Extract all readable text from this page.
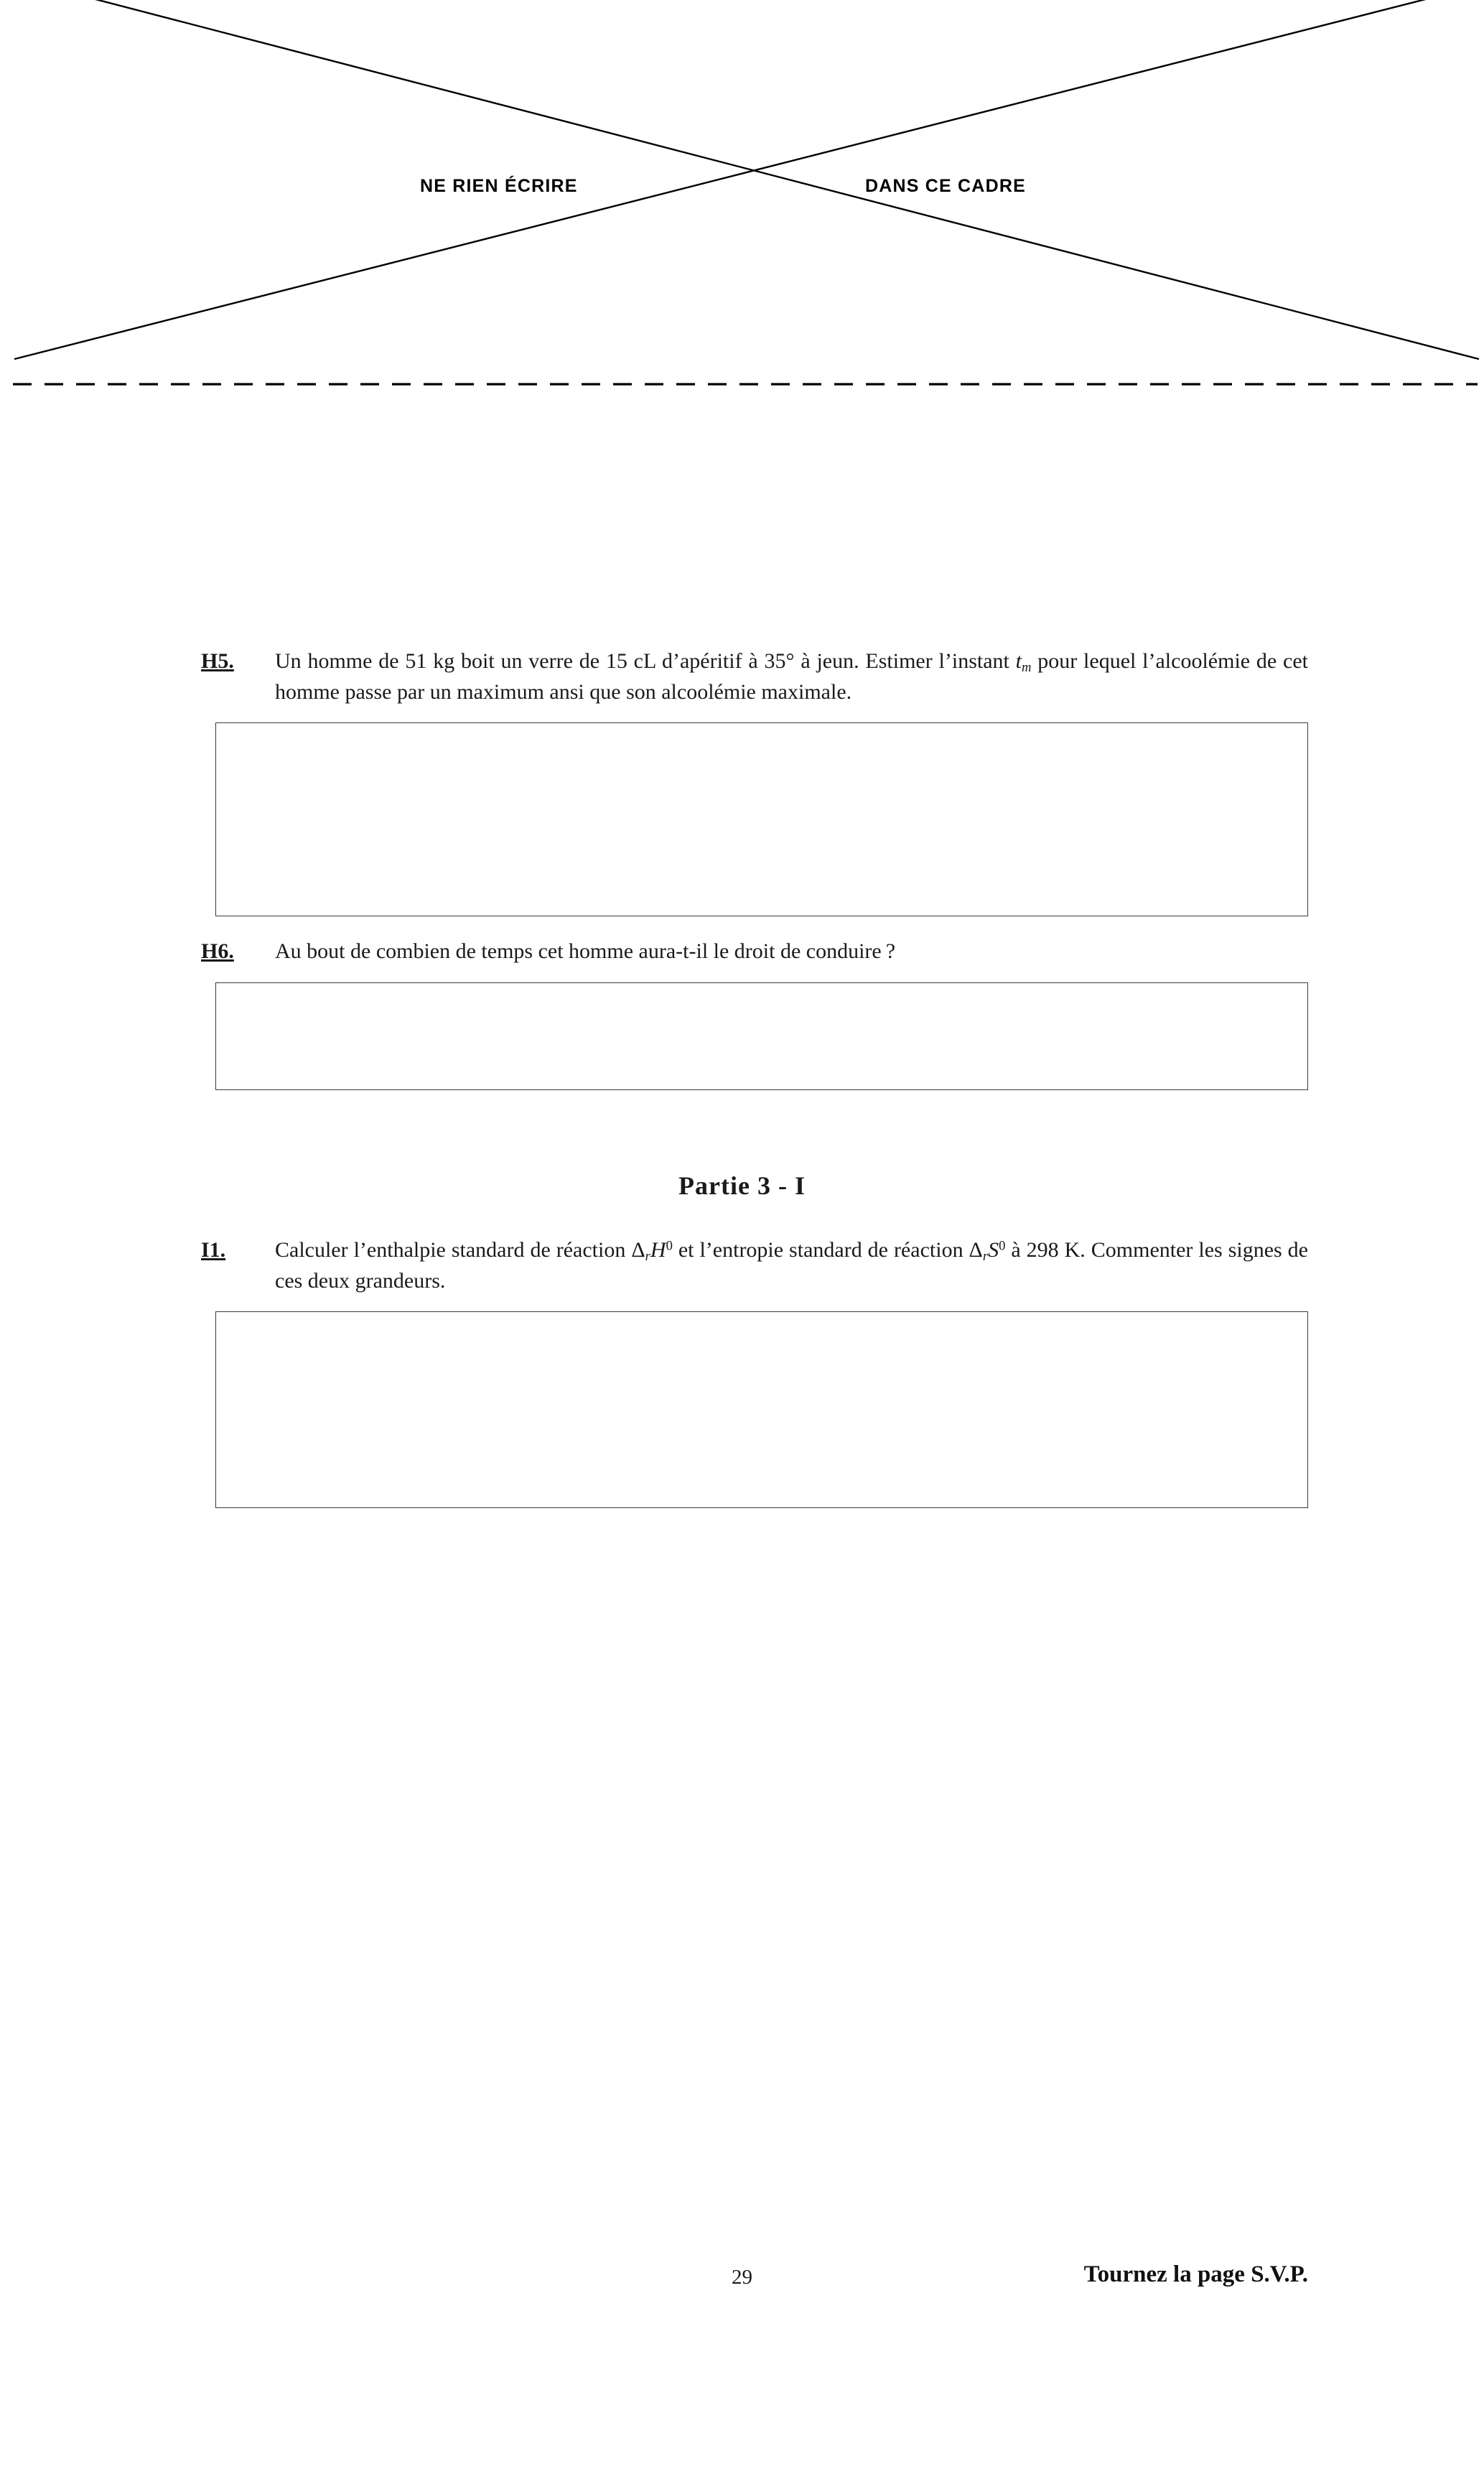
NE RIEN ÉCRIRE	DANS CE CADRE
H5.	Un homme de 51 kg boit un verre de 15 cL d’apéritif à 35° à jeun. Estimer l’instant $t_m$ pour lequel l’alcoolémie de cet homme passe par un maximum ansi que son alcoolémie maximale.
H6.	Au bout de combien de temps cet homme aura-t-il le droit de conduire ?
Partie 3 - I
I1.	Calculer l’enthalpie standard de réaction $\Delta_rH^0$ et l’entropie standard de réaction $\Delta_rS^0$ à 298 K. Commenter les signes de ces deux grandeurs.
29	Tournez la page S.V.P.
